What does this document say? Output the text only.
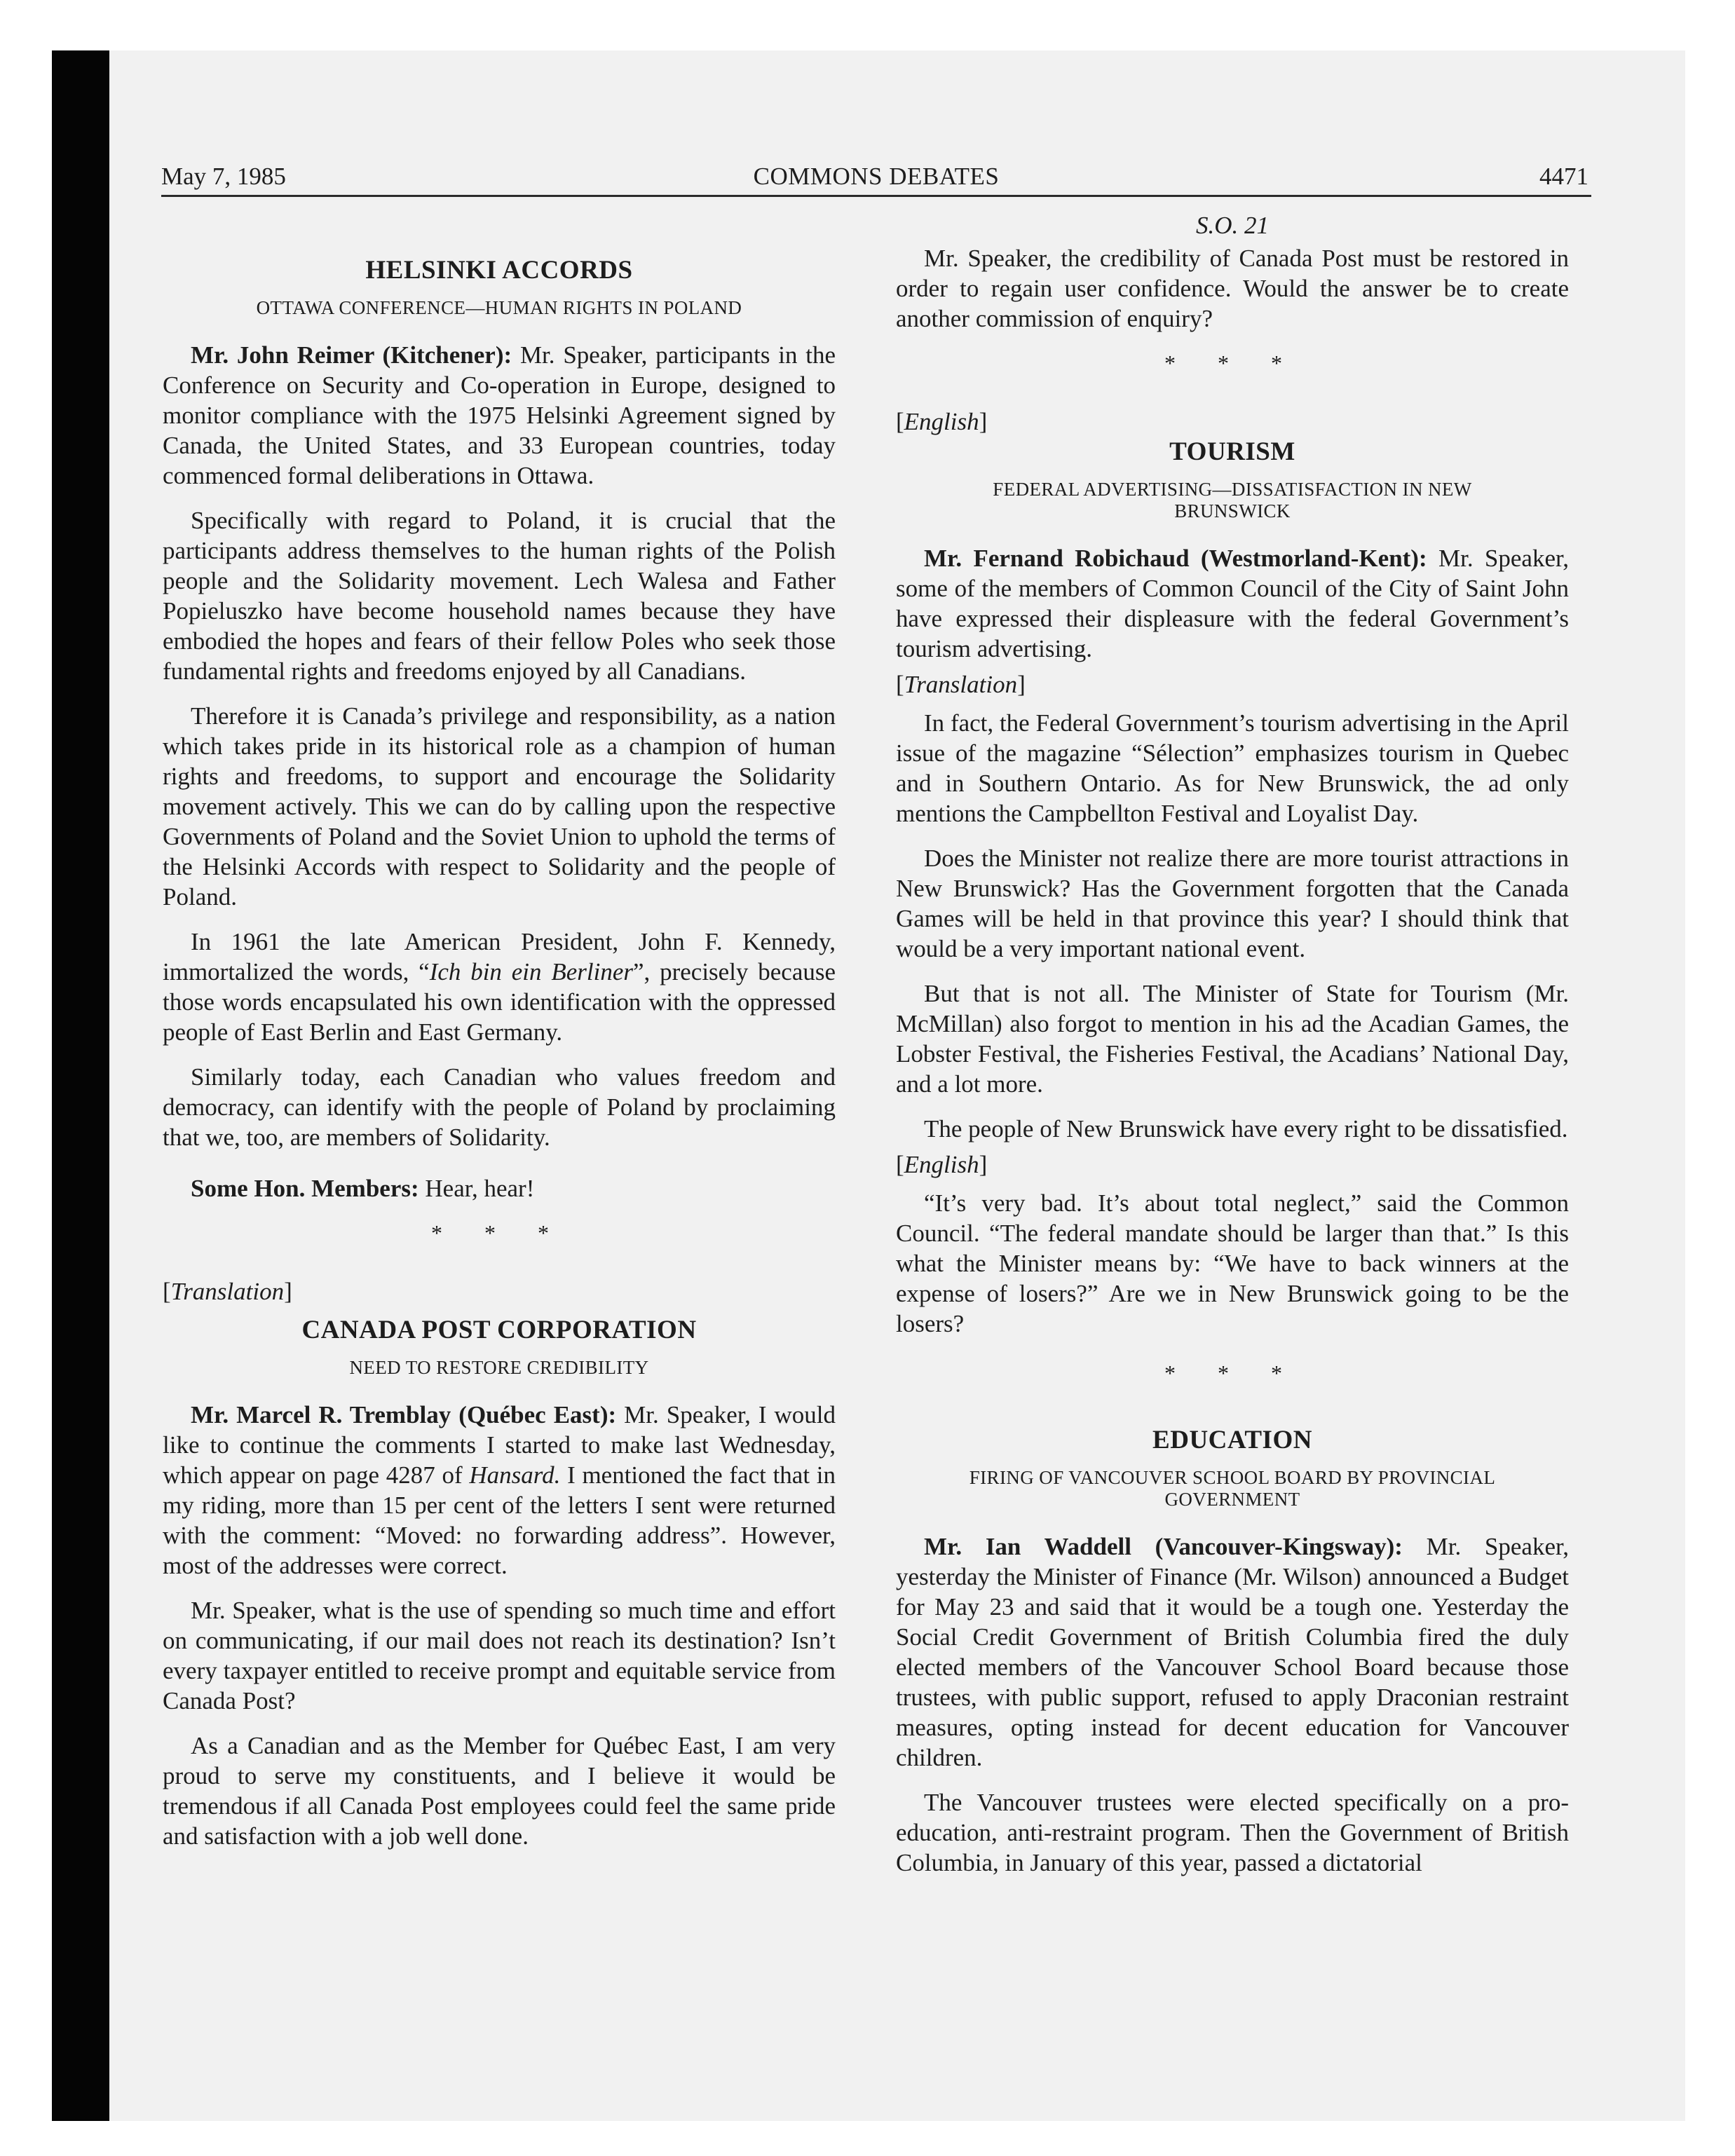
May 7, 1985	COMMONS DEBATES	4471
HELSINKI ACCORDS
OTTAWA CONFERENCE—HUMAN RIGHTS IN POLAND

Mr. John Reimer (Kitchener): Mr. Speaker, participants in the Conference on Security and Co-operation in Europe, designed to monitor compliance with the 1975 Helsinki Agreement signed by Canada, the United States, and 33 European countries, today commenced formal deliberations in Ottawa.

Specifically with regard to Poland, it is crucial that the participants address themselves to the human rights of the Polish people and the Solidarity movement. Lech Walesa and Father Popieluszko have become household names because they have embodied the hopes and fears of their fellow Poles who seek those fundamental rights and freedoms enjoyed by all Canadians.

Therefore it is Canada’s privilege and responsibility, as a nation which takes pride in its historical role as a champion of human rights and freedoms, to support and encourage the Solidarity movement actively. This we can do by calling upon the respective Governments of Poland and the Soviet Union to uphold the terms of the Helsinki Accords with respect to Solidarity and the people of Poland.

In 1961 the late American President, John F. Kennedy, immortalized the words, “Ich bin ein Berliner”, precisely because those words encapsulated his own identification with the oppressed people of East Berlin and East Germany.

Similarly today, each Canadian who values freedom and democracy, can identify with the people of Poland by proclaiming that we, too, are members of Solidarity.

Some Hon. Members: Hear, hear!

* * *
[Translation]
CANADA POST CORPORATION
NEED TO RESTORE CREDIBILITY

Mr. Marcel R. Tremblay (Québec East): Mr. Speaker, I would like to continue the comments I started to make last Wednesday, which appear on page 4287 of Hansard. I mentioned the fact that in my riding, more than 15 per cent of the letters I sent were returned with the comment: “Moved: no forwarding address”. However, most of the addresses were correct.

Mr. Speaker, what is the use of spending so much time and effort on communicating, if our mail does not reach its destination? Isn’t every taxpayer entitled to receive prompt and equitable service from Canada Post?

As a Canadian and as the Member for Québec East, I am very proud to serve my constituents, and I believe it would be tremendous if all Canada Post employees could feel the same pride and satisfaction with a job well done.

S.O. 21

Mr. Speaker, the credibility of Canada Post must be restored in order to regain user confidence. Would the answer be to create another commission of enquiry?

* * *
[English]
TOURISM
FEDERAL ADVERTISING—DISSATISFACTION IN NEW BRUNSWICK

Mr. Fernand Robichaud (Westmorland-Kent): Mr. Speaker, some of the members of Common Council of the City of Saint John have expressed their displeasure with the federal Government’s tourism advertising.

[Translation]

In fact, the Federal Government’s tourism advertising in the April issue of the magazine “Sélection” emphasizes tourism in Quebec and in Southern Ontario. As for New Brunswick, the ad only mentions the Campbellton Festival and Loyalist Day.

Does the Minister not realize there are more tourist attractions in New Brunswick? Has the Government forgotten that the Canada Games will be held in that province this year? I should think that would be a very important national event.

But that is not all. The Minister of State for Tourism (Mr. McMillan) also forgot to mention in his ad the Acadian Games, the Lobster Festival, the Fisheries Festival, the Acadians’ National Day, and a lot more.

The people of New Brunswick have every right to be dissatisfied.

[English]

“It’s very bad. It’s about total neglect,” said the Common Council. “The federal mandate should be larger than that.” Is this what the Minister means by: “We have to back winners at the expense of losers?” Are we in New Brunswick going to be the losers?

* * *
EDUCATION
FIRING OF VANCOUVER SCHOOL BOARD BY PROVINCIAL GOVERNMENT

Mr. Ian Waddell (Vancouver-Kingsway): Mr. Speaker, yesterday the Minister of Finance (Mr. Wilson) announced a Budget for May 23 and said that it would be a tough one. Yesterday the Social Credit Government of British Columbia fired the duly elected members of the Vancouver School Board because those trustees, with public support, refused to apply Draconian restraint measures, opting instead for decent education for Vancouver children.

The Vancouver trustees were elected specifically on a pro-education, anti-restraint program. Then the Government of British Columbia, in January of this year, passed a dictatorial
